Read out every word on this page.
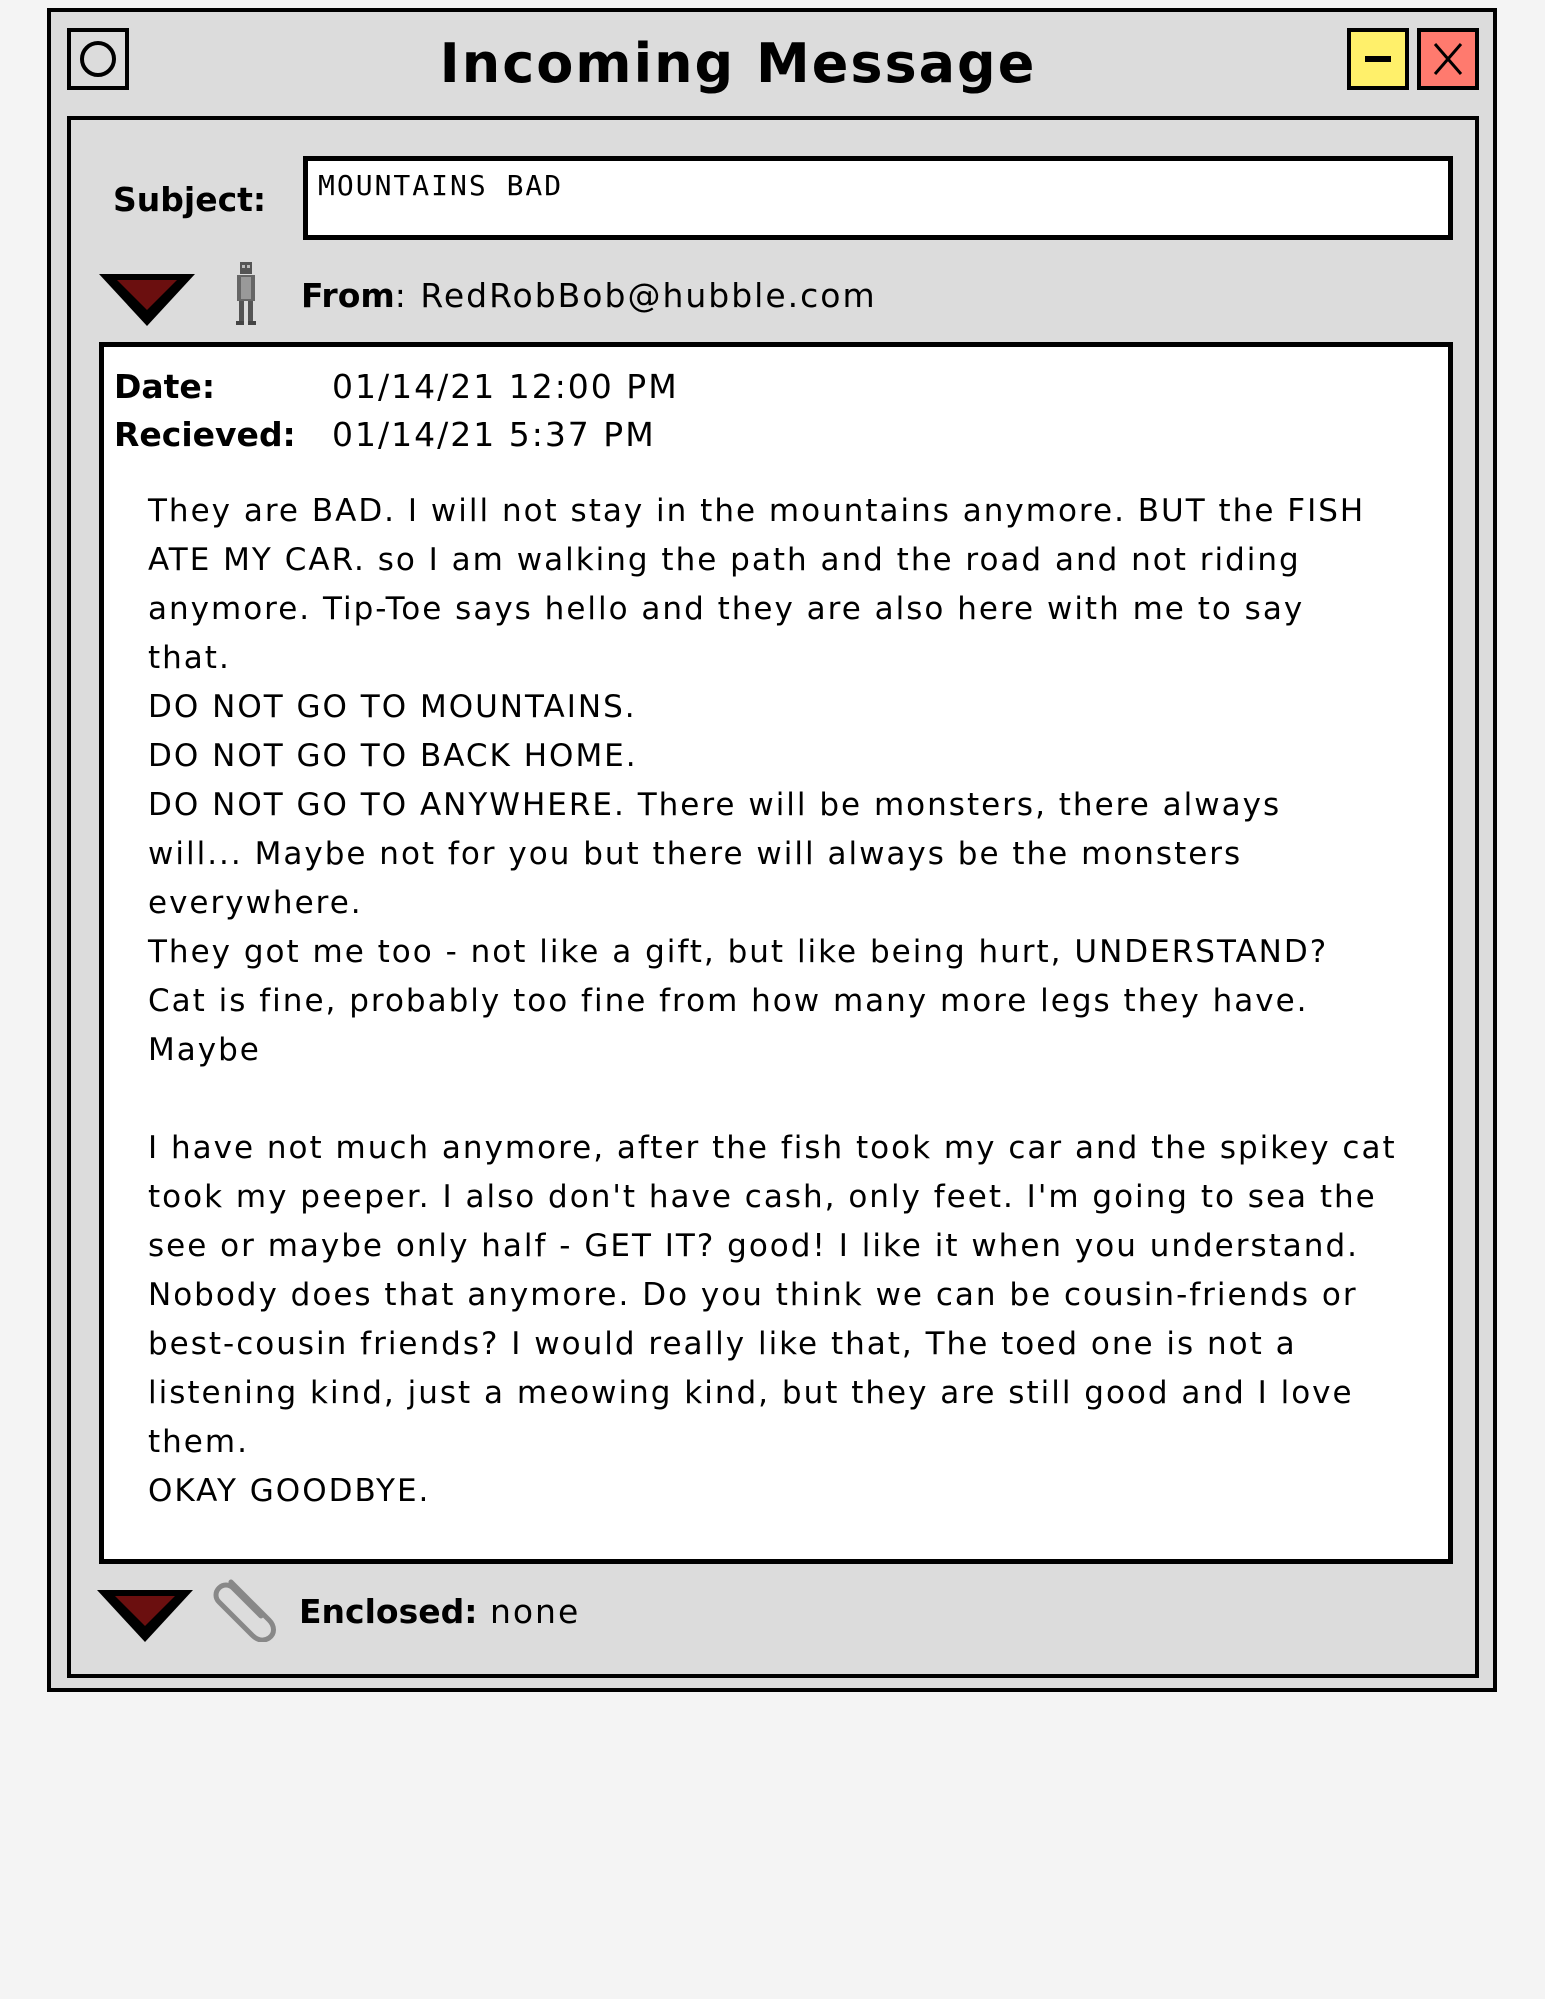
Incoming Message
Subject:	MOUNTAINS BAD
From: RedRobBob@hubble.com
Date:	01/14/21 12:00 PM
Recieved: 01/14/21 5:37 PM
They are BAD. I will not stay in the mountains anymore. BUT the FISH
ATE MY CAR. so I am walking the path and the road and not riding
anymore. Tip-Toe says hello and they are also here with me to say
that.
DO NOT GO TO MOUNTAINS.
DO NOT GO TO BACK HOME.
DO NOT GO TO ANYWHERE. There will be monsters, there always
will... Maybe not for you but there will always be the monsters
everywhere.
They got me too - not like a gift, but like being hurt, UNDERSTAND?
Cat is fine, probably too fine from how many more legs they have.
Maybe

I have not much anymore, after the fish took my car and the spikey cat
took my peeper. I also don't have cash, only feet. I'm going to sea the
see or maybe only half - GET IT? good! I like it when you understand.
Nobody does that anymore. Do you think we can be cousin-friends or
best-cousin friends? I would really like that, The toed one is not a
listening kind, just a meowing kind, but they are still good and I love
them.
OKAY GOODBYE.
Enclosed: none
